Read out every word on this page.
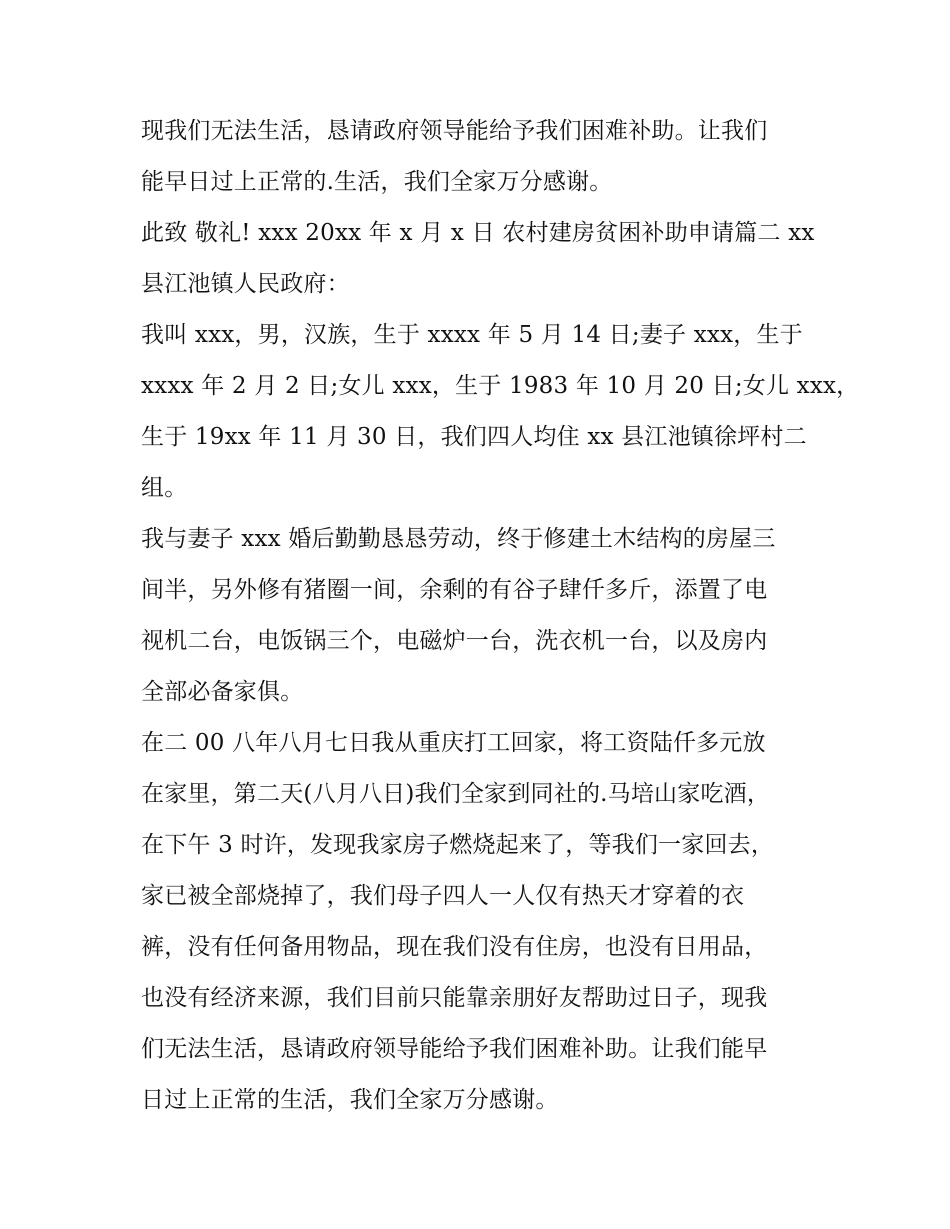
现我们无法生活，恳请政府领导能给予我们困难补助。让我们
能早日过上正常的.生活，我们全家万分感谢。
此致 敬礼! xxx 20xx 年 x 月 x 日 农村建房贫困补助申请篇二 xx
县江池镇人民政府：
我叫 xxx，男，汉族，生于 xxxx 年 5 月 14 日;妻子 xxx，生于
xxxx 年 2 月 2 日;女儿 xxx，生于 1983 年 10 月 20 日;女儿 xxx，
生于 19xx 年 11 月 30 日，我们四人均住 xx 县江池镇徐坪村二
组。
我与妻子 xxx 婚后勤勤恳恳劳动，终于修建土木结构的房屋三
间半，另外修有猪圈一间，余剩的有谷子肆仟多斤，添置了电
视机二台，电饭锅三个，电磁炉一台，洗衣机一台，以及房内
全部必备家俱。
在二 00 八年八月七日我从重庆打工回家，将工资陆仟多元放
在家里，第二天(八月八日)我们全家到同社的.马培山家吃酒，
在下午 3 时许，发现我家房子燃烧起来了，等我们一家回去，
家已被全部烧掉了，我们母子四人一人仅有热天才穿着的衣
裤，没有任何备用物品，现在我们没有住房，也没有日用品，
也没有经济来源，我们目前只能靠亲朋好友帮助过日子，现我
们无法生活，恳请政府领导能给予我们困难补助。让我们能早
日过上正常的生活，我们全家万分感谢。
